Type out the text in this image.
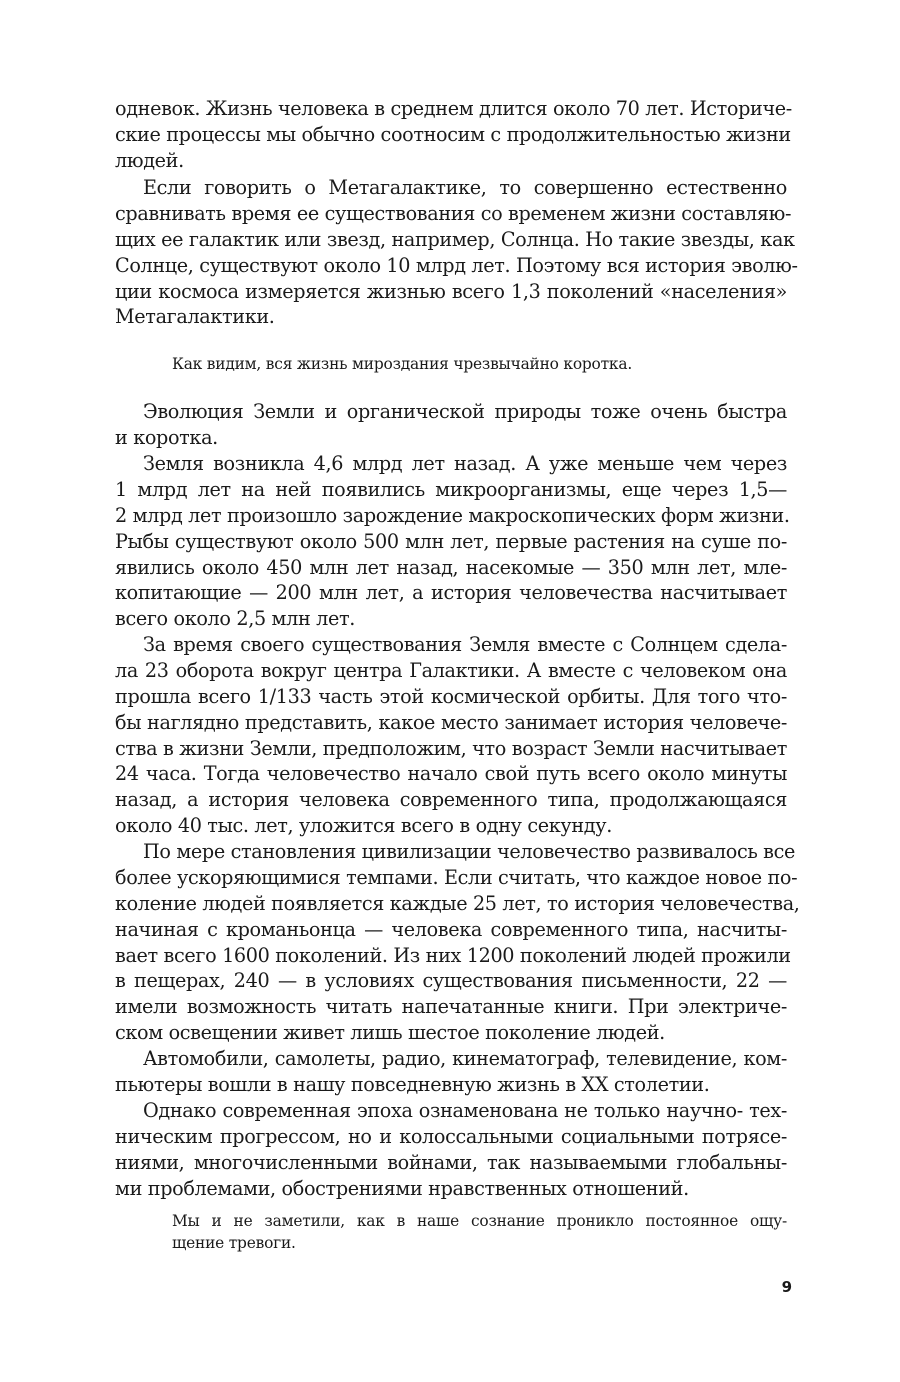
одневок. Жизнь человека в среднем длится около 70 лет. Историче-
ские процессы мы обычно соотносим с продолжительностью жизни
людей.
Если говорить о Метагалактике, то совершенно естественно
сравнивать время ее существования со временем жизни составляю-
щих ее галактик или звезд, например, Солнца. Но такие звезды, как
Солнце, существуют около 10 млрд лет. Поэтому вся история эволю-
ции космоса измеряется жизнью всего 1,3 поколений «населения»
Метагалактики.
Как видим, вся жизнь мироздания чрезвычайно коротка.
Эволюция Земли и органической природы тоже очень быстра
и коротка.
Земля возникла 4,6 млрд лет назад. А уже меньше чем через
1 млрд лет на ней появились микроорганизмы, еще через 1,5—
2 млрд лет произошло зарождение макроскопических форм жизни.
Рыбы существуют около 500 млн лет, первые растения на суше по-
явились около 450 млн лет назад, насекомые — 350 млн лет, мле-
копитающие — 200 млн лет, а история человечества насчитывает
всего около 2,5 млн лет.
За время своего существования Земля вместе с Солнцем сдела-
ла 23 оборота вокруг центра Галактики. А вместе с человеком она
прошла всего 1/133 часть этой космической орбиты. Для того что-
бы наглядно представить, какое место занимает история человече-
ства в жизни Земли, предположим, что возраст Земли насчитывает
24 часа. Тогда человечество начало свой путь всего около минуты
назад, а история человека современного типа, продолжающаяся
около 40 тыс. лет, уложится всего в одну секунду.
По мере становления цивилизации человечество развивалось все
более ускоряющимися темпами. Если считать, что каждое новое по-
коление людей появляется каждые 25 лет, то история человечества,
начиная с кроманьонца — человека современного типа, насчиты-
вает всего 1600 поколений. Из них 1200 поколений людей прожили
в пещерах, 240 — в условиях существования письменности, 22 —
имели возможность читать напечатанные книги. При электриче-
ском освещении живет лишь шестое поколение людей.
Автомобили, самолеты, радио, кинематограф, телевидение, ком-
пьютеры вошли в нашу повседневную жизнь в XX столетии.
Однако современная эпоха ознаменована не только научно- тех-
ническим прогрессом, но и колоссальными социальными потрясе-
ниями, многочисленными войнами, так называемыми глобальны-
ми проблемами, обострениями нравственных отношений.
Мы и не заметили, как в наше сознание проникло постоянное ощу-
щение тревоги.
9
